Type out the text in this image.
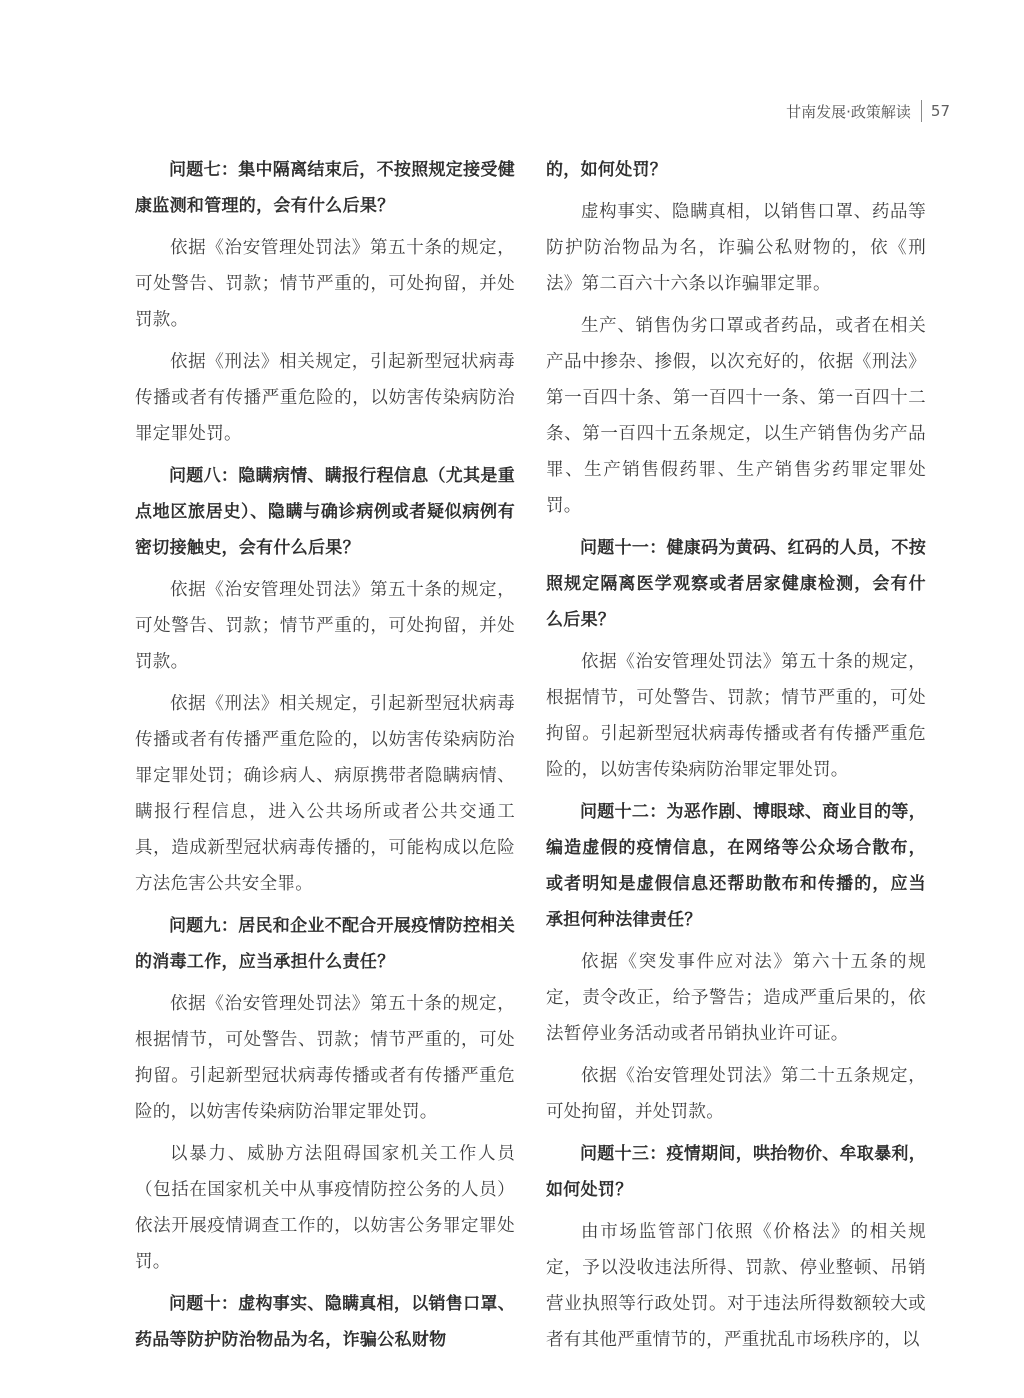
甘南发展·政策解读 57

问题七：集中隔离结束后，不按照规定接受健康监测和管理的，会有什么后果？

依据《治安管理处罚法》第五十条的规定，可处警告、罚款；情节严重的，可处拘留，并处罚款。

依据《刑法》相关规定，引起新型冠状病毒传播或者有传播严重危险的，以妨害传染病防治罪定罪处罚。

问题八：隐瞒病情、瞒报行程信息（尤其是重点地区旅居史）、隐瞒与确诊病例或者疑似病例有密切接触史，会有什么后果？

依据《治安管理处罚法》第五十条的规定，可处警告、罚款；情节严重的，可处拘留，并处罚款。

依据《刑法》相关规定，引起新型冠状病毒传播或者有传播严重危险的，以妨害传染病防治罪定罪处罚；确诊病人、病原携带者隐瞒病情、瞒报行程信息，进入公共场所或者公共交通工具，造成新型冠状病毒传播的，可能构成以危险方法危害公共安全罪。

问题九：居民和企业不配合开展疫情防控相关的消毒工作，应当承担什么责任？

依据《治安管理处罚法》第五十条的规定，根据情节，可处警告、罚款；情节严重的，可处拘留。引起新型冠状病毒传播或者有传播严重危险的，以妨害传染病防治罪定罪处罚。

以暴力、威胁方法阻碍国家机关工作人员（包括在国家机关中从事疫情防控公务的人员）依法开展疫情调查工作的，以妨害公务罪定罪处罚。

问题十：虚构事实、隐瞒真相，以销售口罩、药品等防护防治物品为名，诈骗公私财物

的，如何处罚？

虚构事实、隐瞒真相，以销售口罩、药品等防护防治物品为名，诈骗公私财物的，依《刑法》第二百六十六条以诈骗罪定罪。

生产、销售伪劣口罩或者药品，或者在相关产品中掺杂、掺假，以次充好的，依据《刑法》第一百四十条、第一百四十一条、第一百四十二条、第一百四十五条规定，以生产销售伪劣产品罪、生产销售假药罪、生产销售劣药罪定罪处罚。

问题十一：健康码为黄码、红码的人员，不按照规定隔离医学观察或者居家健康检测，会有什么后果？

依据《治安管理处罚法》第五十条的规定，根据情节，可处警告、罚款；情节严重的，可处拘留。引起新型冠状病毒传播或者有传播严重危险的，以妨害传染病防治罪定罪处罚。

问题十二：为恶作剧、博眼球、商业目的等，编造虚假的疫情信息，在网络等公众场合散布，或者明知是虚假信息还帮助散布和传播的，应当承担何种法律责任？

依据《突发事件应对法》第六十五条的规定，责令改正，给予警告；造成严重后果的，依法暂停业务活动或者吊销执业许可证。

依据《治安管理处罚法》第二十五条规定，可处拘留，并处罚款。

问题十三：疫情期间，哄抬物价、牟取暴利，如何处罚？

由市场监管部门依照《价格法》的相关规定，予以没收违法所得、罚款、停业整顿、吊销营业执照等行政处罚。对于违法所得数额较大或者有其他严重情节的，严重扰乱市场秩序的，以
